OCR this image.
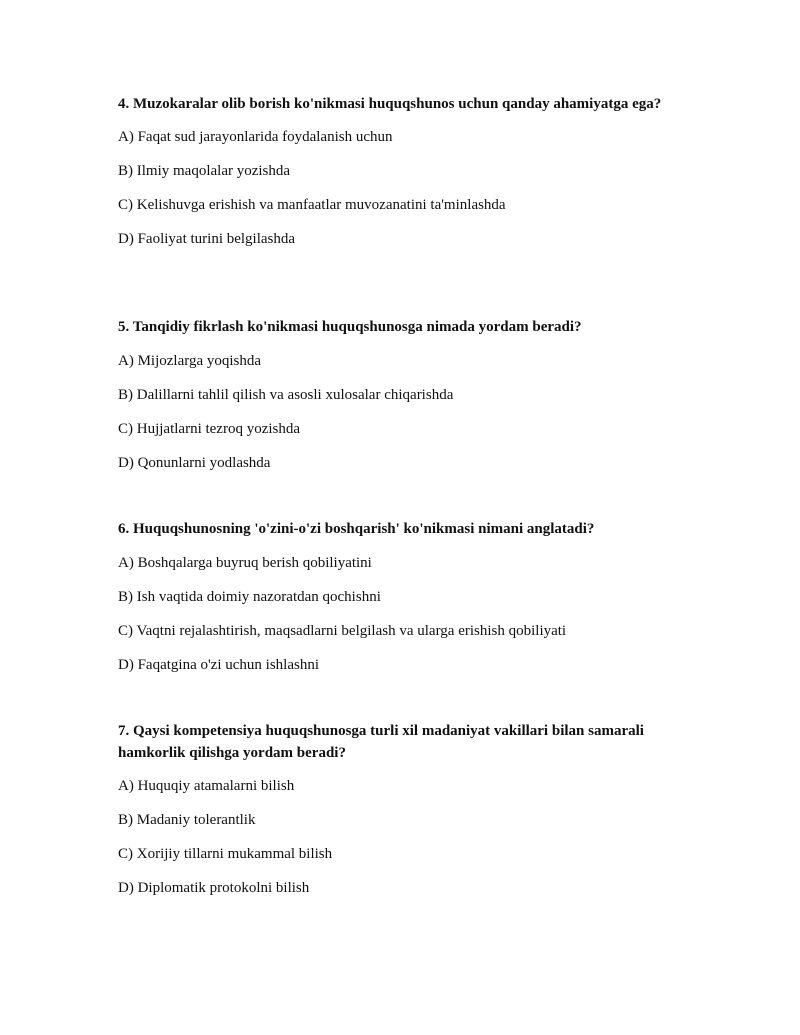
4. Muzokaralar olib borish ko'nikmasi huquqshunos uchun qanday ahamiyatga ega?

A) Faqat sud jarayonlarida foydalanish uchun

B) Ilmiy maqolalar yozishda

C) Kelishuvga erishish va manfaatlar muvozanatini ta'minlashda

D) Faoliyat turini belgilashda

5. Tanqidiy fikrlash ko'nikmasi huquqshunosga nimada yordam beradi?

A) Mijozlarga yoqishda

B) Dalillarni tahlil qilish va asosli xulosalar chiqarishda

C) Hujjatlarni tezroq yozishda

D) Qonunlarni yodlashda

6. Huquqshunosning 'o'zini-o'zi boshqarish' ko'nikmasi nimani anglatadi?

A) Boshqalarga buyruq berish qobiliyatini

B) Ish vaqtida doimiy nazoratdan qochishni

C) Vaqtni rejalashtirish, maqsadlarni belgilash va ularga erishish qobiliyati

D) Faqatgina o'zi uchun ishlashni

7. Qaysi kompetensiya huquqshunosga turli xil madaniyat vakillari bilan samarali hamkorlik qilishga yordam beradi?

A) Huquqiy atamalarni bilish

B) Madaniy tolerantlik

C) Xorijiy tillarni mukammal bilish

D) Diplomatik protokolni bilish
